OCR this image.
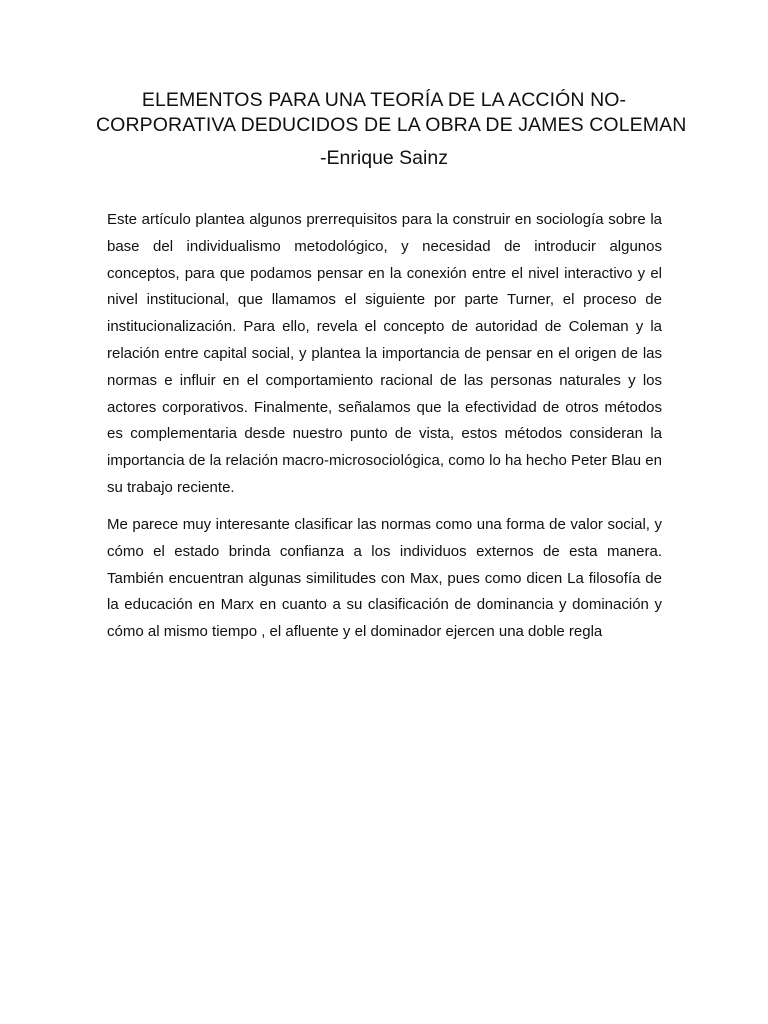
ELEMENTOS PARA UNA TEORÍA DE LA ACCIÓN NO-
CORPORATIVA DEDUCIDOS DE LA OBRA DE JAMES COLEMAN

-Enrique Sainz

Este artículo plantea algunos prerrequisitos para la construir en sociología sobre la base del individualismo metodológico, y necesidad de introducir algunos conceptos, para que podamos pensar en la conexión entre el nivel interactivo y el nivel institucional, que llamamos el siguiente por parte Turner, el proceso de institucionalización. Para ello, revela el concepto de autoridad de Coleman y la relación entre capital social, y plantea la importancia de pensar en el origen de las normas e influir en el comportamiento racional de las personas naturales y los actores corporativos. Finalmente, señalamos que la efectividad de otros métodos es complementaria desde nuestro punto de vista, estos métodos consideran la importancia de la relación macro-microsociológica, como lo ha hecho Peter Blau en su trabajo reciente.

Me parece muy interesante clasificar las normas como una forma de valor social, y cómo el estado brinda confianza a los individuos externos de esta manera. También encuentran algunas similitudes con Max, pues como dicen La filosofía de la educación en Marx en cuanto a su clasificación de dominancia y dominación y cómo al mismo tiempo , el afluente y el dominador ejercen una doble regla
